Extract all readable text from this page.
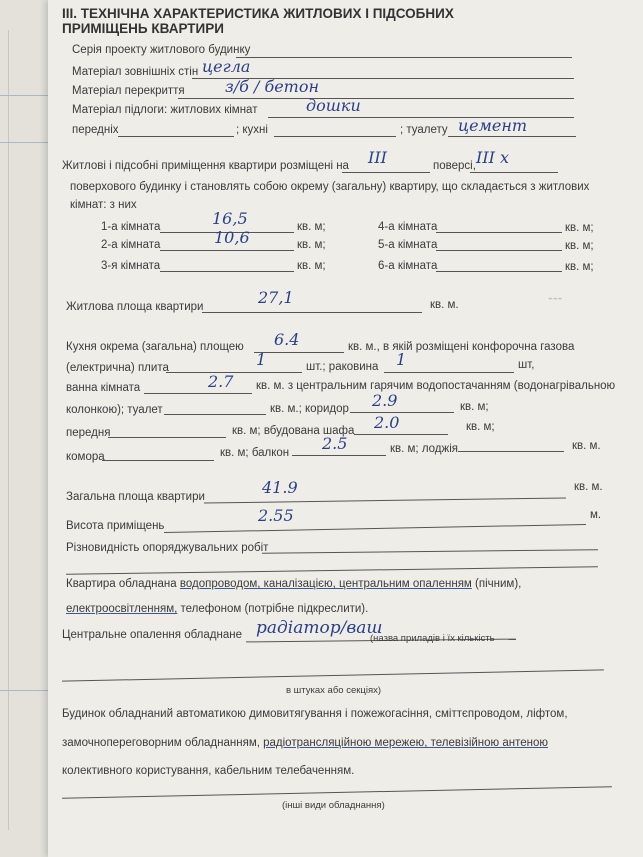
III. ТЕХНІЧНА ХАРАКТЕРИСТИКА ЖИТЛОВИХ І ПІДСОБНИХ ПРИМІЩЕНЬ КВАРТИРИ
Серія проекту житлового будинку
Матеріал зовнішніх стін цегла
Матеріал перекриття	з/б / бетон
Матеріал підлоги: житлових кімнат	дошки
передніх	; кухні	; туалету цемент
Житлові і підсобні приміщення квартири розміщені на III	поверсі, III х
поверхового будинку і становлять собою окрему (загальну) квартиру, що складається з житлових
кімнат: з них
1-а кімната	16,5	кв. м;
2-а кімната	10,6	кв. м;
3-я кімната	кв. м;
4-а кімната	кв. м;
5-а кімната	кв. м;
6-а кімната	кв. м;
Житлова площа квартири	27,1	кв. м.
⌁⌁⌁
Кухня окрема (загальна) площею 6.4	кв. м., в якій розміщені конфорочна газова
(електрична) плита	1	шт.; раковина 1	шт,
ванна кімната	2.7 кв. м. з центральним гарячим водопостачанням (водонагрівальною
колонкою); туалет	кв. м.; коридор 2.9	кв. м;
передня	кв. м; вбудована шафа 2.0	кв. м;
комора	кв. м; балкон 2.5	кв. м; лоджія	кв. м.
Загальна площа квартири	41.9	кв. м.
Висота приміщень
2.55	м.
Різновидність опоряджувальних робіт
Квартира обладнана водопроводом, каналізацією, центральним опаленням (пічним),
електроосвітленням, телефоном (потрібне підкреслити).
Центральне опалення обладнане радіатор/ваш
(назва приладів і їх кількість
в штуках або секціях)
Будинок обладнаний автоматикою димовитягування і пожежогасіння, сміттєпроводом, ліфтом,
замочнопереговорним обладнанням, радіотрансляційною мережею, телевізійною антеною
колективного користування, кабельним телебаченням.
(інші види обладнання)
